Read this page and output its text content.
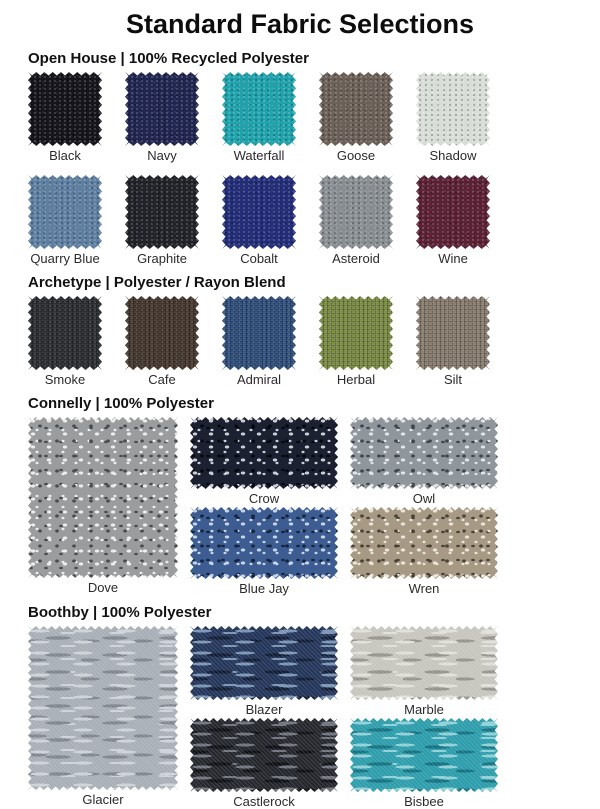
Standard Fabric Selections
Open House | 100% Recycled Polyester
Black	Navy	Waterfall	Goose	Shadow
Quarry Blue	Graphite	Cobalt	Asteroid	Wine
Archetype | Polyester / Rayon Blend
Smoke	Cafe	Admiral	Herbal	Silt
Connelly | 100% Polyester
Dove
Crow
Blue Jay
Owl
Wren
Boothby | 100% Polyester
Glacier
Blazer
Castlerock
Marble
Bisbee
